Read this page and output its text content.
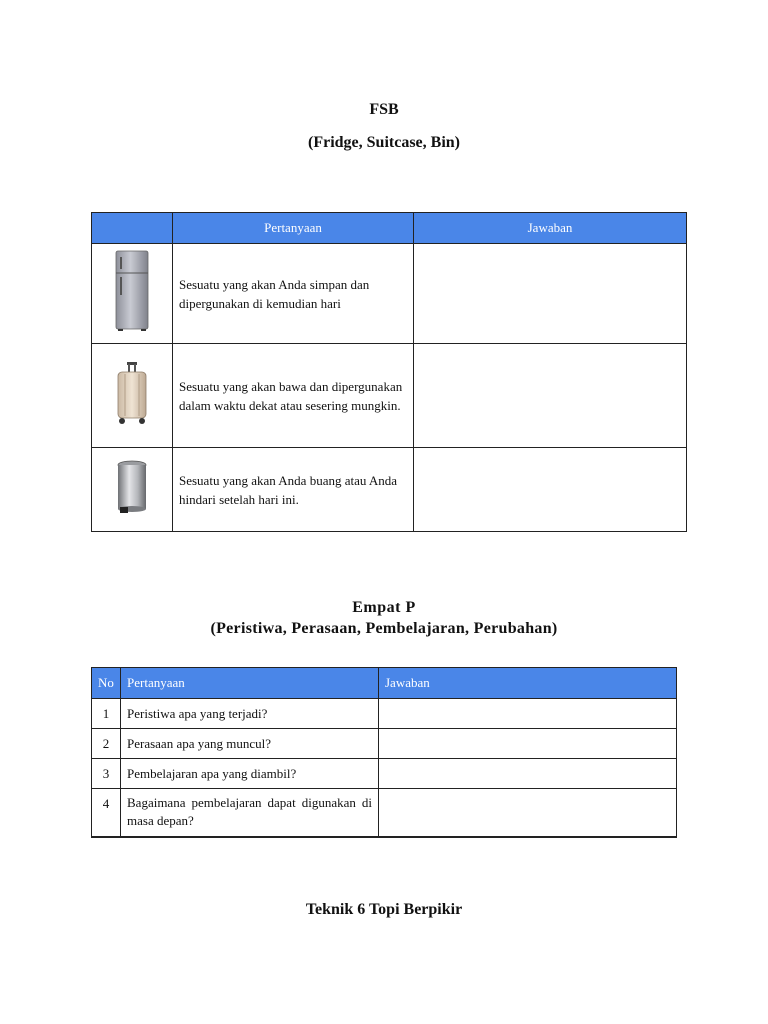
FSB
(Fridge, Suitcase, Bin)
	Pertanyaan	Jawaban
	Sesuatu yang akan Anda simpan dan dipergunakan di kemudian hari	
	Sesuatu yang akan bawa dan dipergunakan dalam waktu dekat atau sesering mungkin.	
	Sesuatu yang akan Anda buang atau Anda hindari setelah hari ini.	
Empat P
(Peristiwa, Perasaan, Pembelajaran, Perubahan)
No	Pertanyaan	Jawaban
1	Peristiwa apa yang terjadi?	
2	Perasaan apa yang muncul?	
3	Pembelajaran apa yang diambil?	
4	Bagaimana pembelajaran dapat digunakan di masa depan?	
Teknik 6 Topi Berpikir
